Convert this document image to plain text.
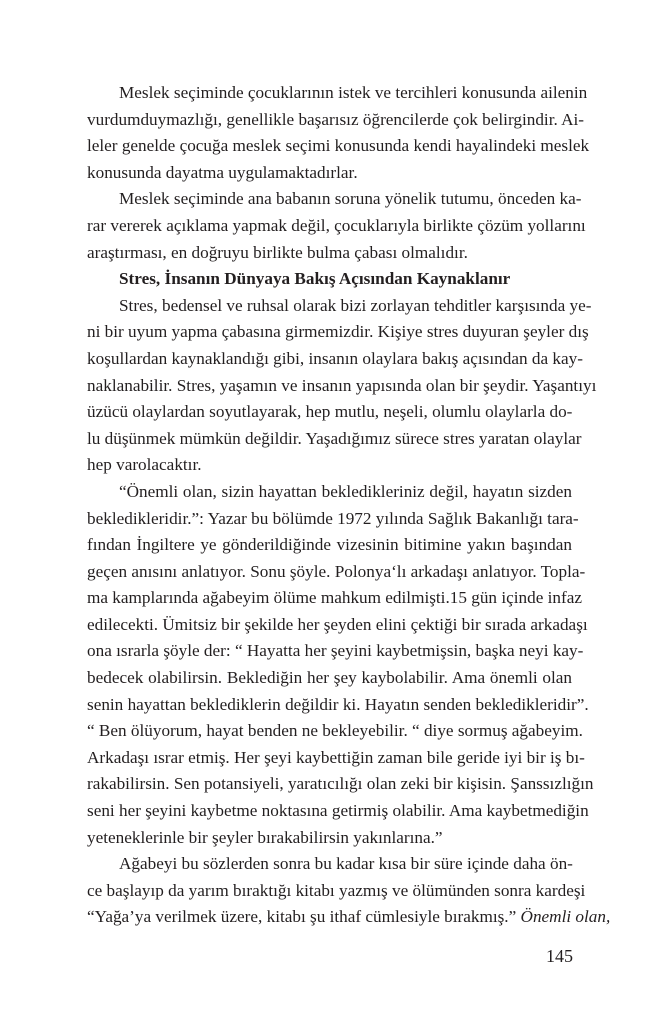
Meslek seçiminde çocuklarının istek ve tercihleri konusunda ailenin
vurdumduymazlığı, genellikle başarısız öğrencilerde çok belirgindir. Ai-
leler genelde çocuğa meslek seçimi konusunda kendi hayalindeki meslek
konusunda dayatma uygulamaktadırlar.
Meslek seçiminde ana babanın soruna yönelik tutumu, önceden ka-
rar vererek açıklama yapmak değil, çocuklarıyla birlikte çözüm yollarını
araştırması, en doğruyu birlikte bulma çabası olmalıdır.
Stres, İnsanın Dünyaya Bakış Açısından Kaynaklanır
Stres, bedensel ve ruhsal olarak bizi zorlayan tehditler karşısında ye-
ni bir uyum yapma çabasına girmemizdir. Kişiye stres duyuran şeyler dış
koşullardan kaynaklandığı gibi, insanın olaylara bakış açısından da kay-
naklanabilir. Stres, yaşamın ve insanın yapısında olan bir şeydir. Yaşantıyı
üzücü olaylardan soyutlayarak, hep mutlu, neşeli, olumlu olaylarla do-
lu düşünmek mümkün değildir. Yaşadığımız sürece stres yaratan olaylar
hep varolacaktır.
“Önemli olan, sizin hayattan bekledikleriniz değil, hayatın sizden
bekledikleridir.”: Yazar bu bölümde 1972 yılında Sağlık Bakanlığı tara-
fından İngiltere ye gönderildiğinde vizesinin bitimine yakın başından
geçen anısını anlatıyor. Sonu şöyle. Polonya‘lı arkadaşı anlatıyor. Topla-
ma kamplarında ağabeyim ölüme mahkum edilmişti.15 gün içinde infaz
edilecekti. Ümitsiz bir şekilde her şeyden elini çektiği bir sırada arkadaşı
ona ısrarla şöyle der: “ Hayatta her şeyini kaybetmişsin, başka neyi kay-
bedecek olabilirsin. Beklediğin her şey kaybolabilir. Ama önemli olan
senin hayattan beklediklerin değildir ki. Hayatın senden bekledikleridir”.
“ Ben ölüyorum, hayat benden ne bekleyebilir. “ diye sormuş ağabeyim.
Arkadaşı ısrar etmiş. Her şeyi kaybettiğin zaman bile geride iyi bir iş bı-
rakabilirsin. Sen potansiyeli, yaratıcılığı olan zeki bir kişisin. Şanssızlığın
seni her şeyini kaybetme noktasına getirmiş olabilir. Ama kaybetmediğin
yeteneklerinle bir şeyler bırakabilirsin yakınlarına.”
Ağabeyi bu sözlerden sonra bu kadar kısa bir süre içinde daha ön-
ce başlayıp da yarım bıraktığı kitabı yazmış ve ölümünden sonra kardeşi
“Yağa’ya verilmek üzere, kitabı şu ithaf cümlesiyle bırakmış.” Önemli olan,
145
